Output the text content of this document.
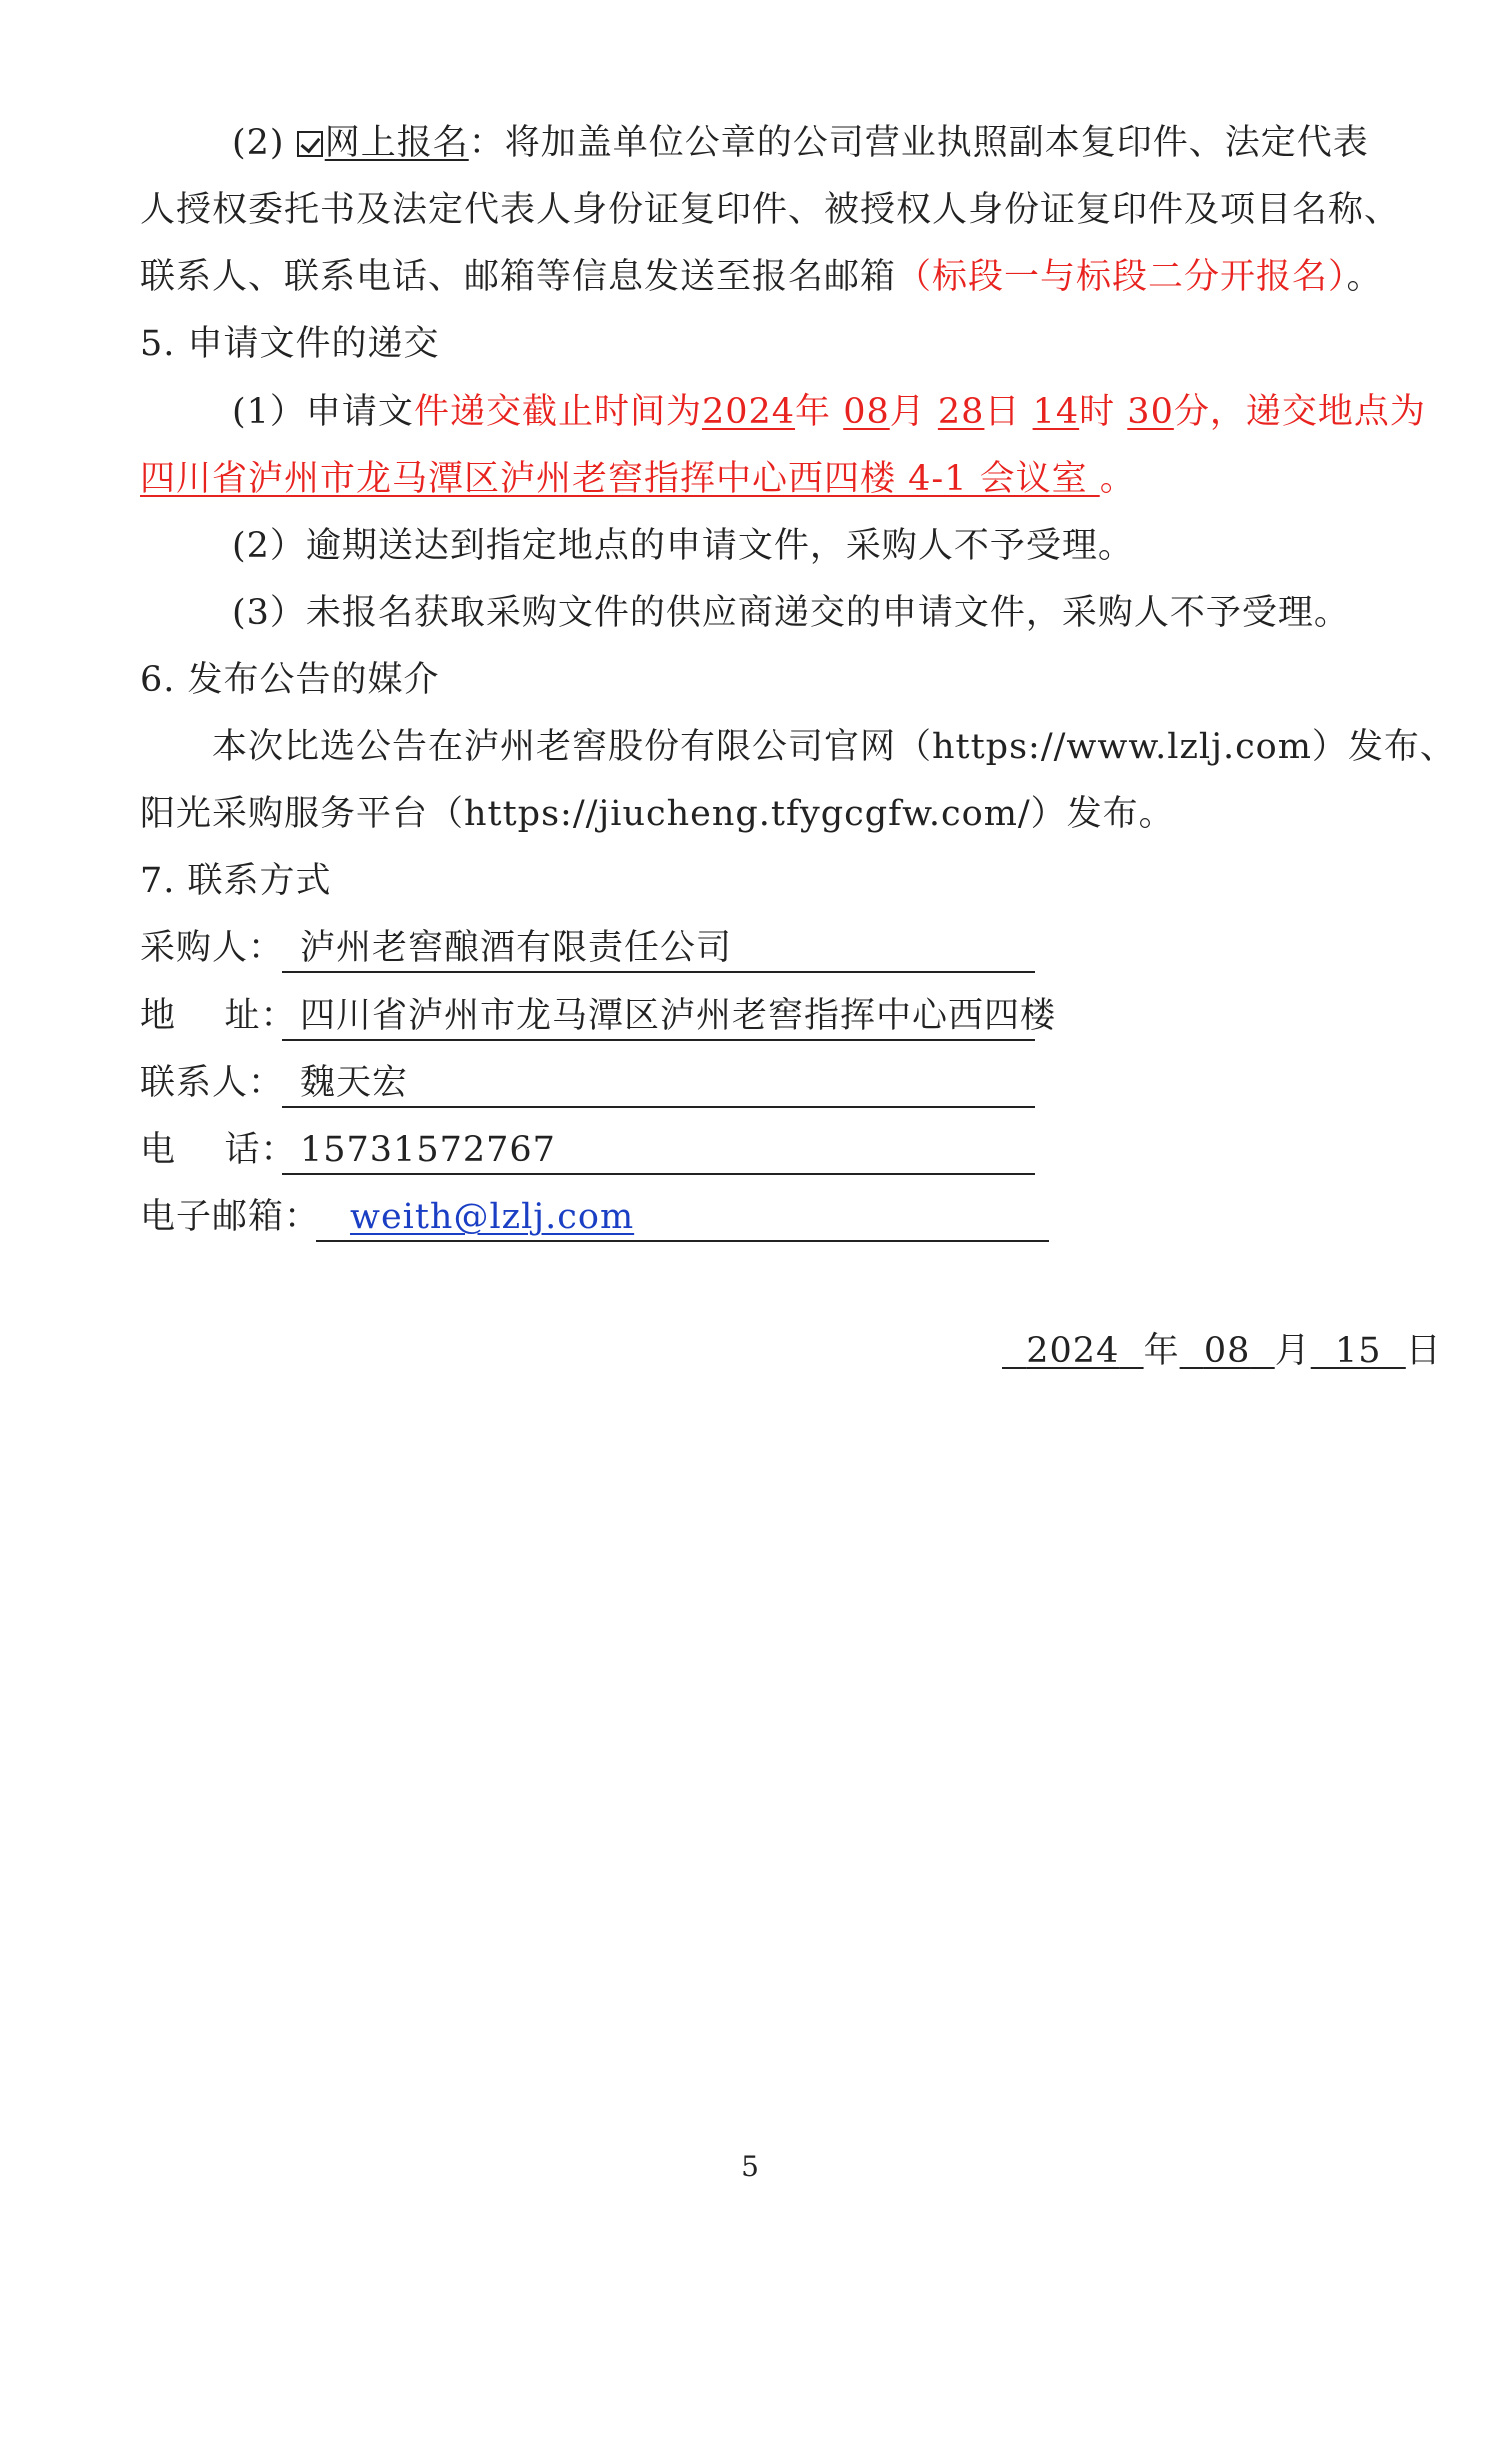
(2) 网上报名：将加盖单位公章的公司营业执照副本复印件、法定代表
人授权委托书及法定代表人身份证复印件、被授权人身份证复印件及项目名称、
联系人、联系电话、邮箱等信息发送至报名邮箱（标段一与标段二分开报名）。
5. 申请文件的递交
(1）申请文件递交截止时间为2024年 08月 28日 14时 30分，递交地点为
四川省泸州市龙马潭区泸州老窖指挥中心西四楼 4-1 会议室 。
(2）逾期送达到指定地点的申请文件，采购人不予受理。
(3）未报名获取采购文件的供应商递交的申请文件，采购人不予受理。
6. 发布公告的媒介
本次比选公告在泸州老窖股份有限公司官网（https://www.lzlj.com）发布、
阳光采购服务平台（https://jiucheng.tfygcgfw.com/）发布。
7. 联系方式
采购人： 泸州老窖酿酒有限责任公司
地    址： 四川省泸州市龙马潭区泸州老窖指挥中心西四楼
联系人： 魏天宏
电    话： 15731572767
电子邮箱： weith@lzlj.com
2024 年 08 月 15 日
5
